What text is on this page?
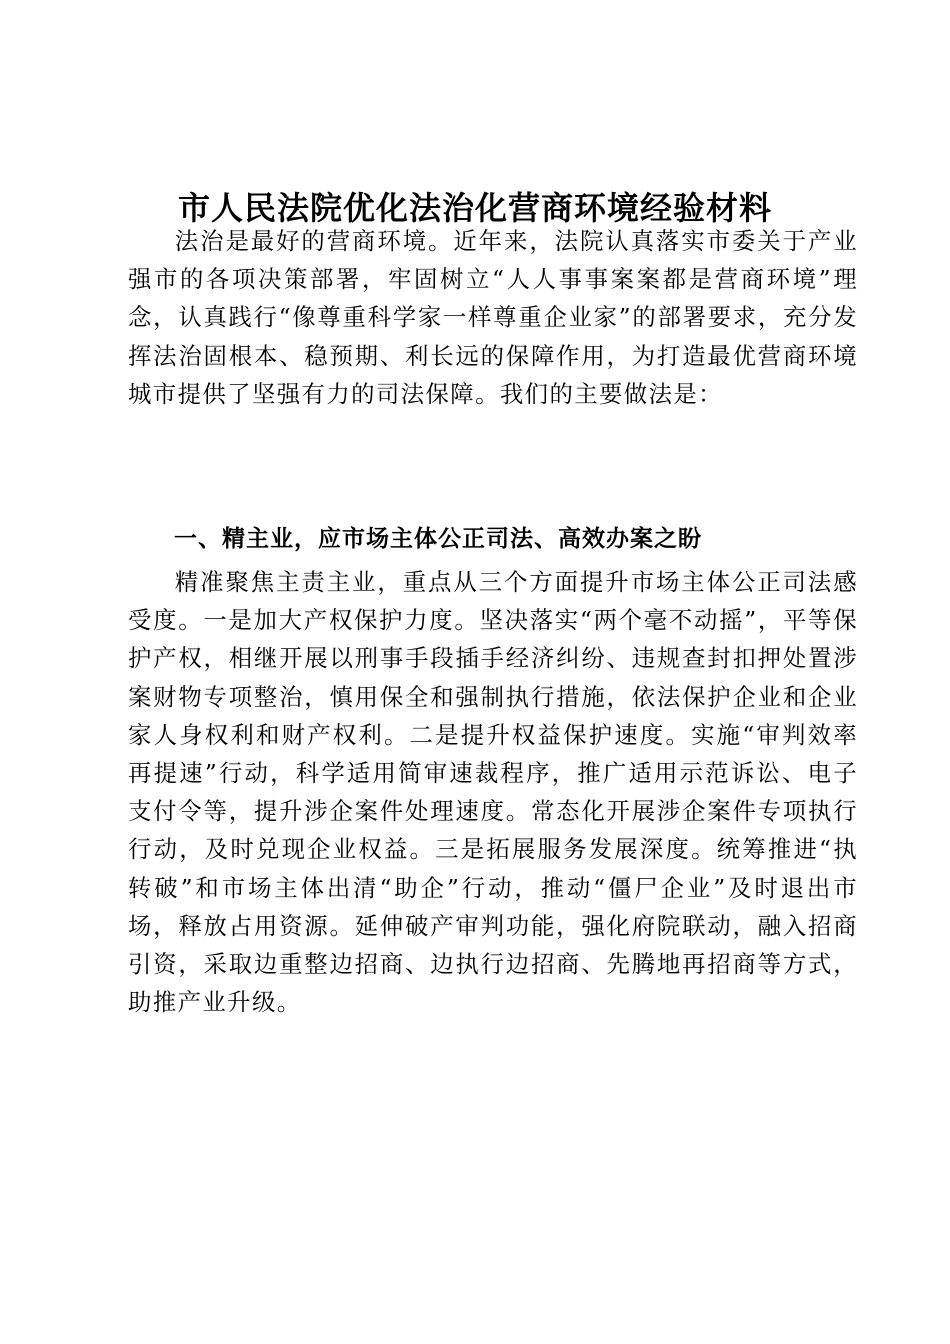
市人民法院优化法治化营商环境经验材料

法治是最好的营商环境。近年来，法院认真落实市委关于产业强市的各项决策部署，牢固树立“人人事事案案都是营商环境”理念，认真践行“像尊重科学家一样尊重企业家”的部署要求，充分发挥法治固根本、稳预期、利长远的保障作用，为打造最优营商环境城市提供了坚强有力的司法保障。我们的主要做法是：

一、精主业，应市场主体公正司法、高效办案之盼

精准聚焦主责主业，重点从三个方面提升市场主体公正司法感受度。一是加大产权保护力度。坚决落实“两个毫不动摇”，平等保护产权，相继开展以刑事手段插手经济纠纷、违规查封扣押处置涉案财物专项整治，慎用保全和强制执行措施，依法保护企业和企业家人身权利和财产权利。二是提升权益保护速度。实施“审判效率再提速”行动，科学适用简审速裁程序，推广适用示范诉讼、电子支付令等，提升涉企案件处理速度。常态化开展涉企案件专项执行行动，及时兑现企业权益。三是拓展服务发展深度。统筹推进“执转破”和市场主体出清“助企”行动，推动“僵尸企业”及时退出市场，释放占用资源。延伸破产审判功能，强化府院联动，融入招商引资，采取边重整边招商、边执行边招商、先腾地再招商等方式，助推产业升级。
